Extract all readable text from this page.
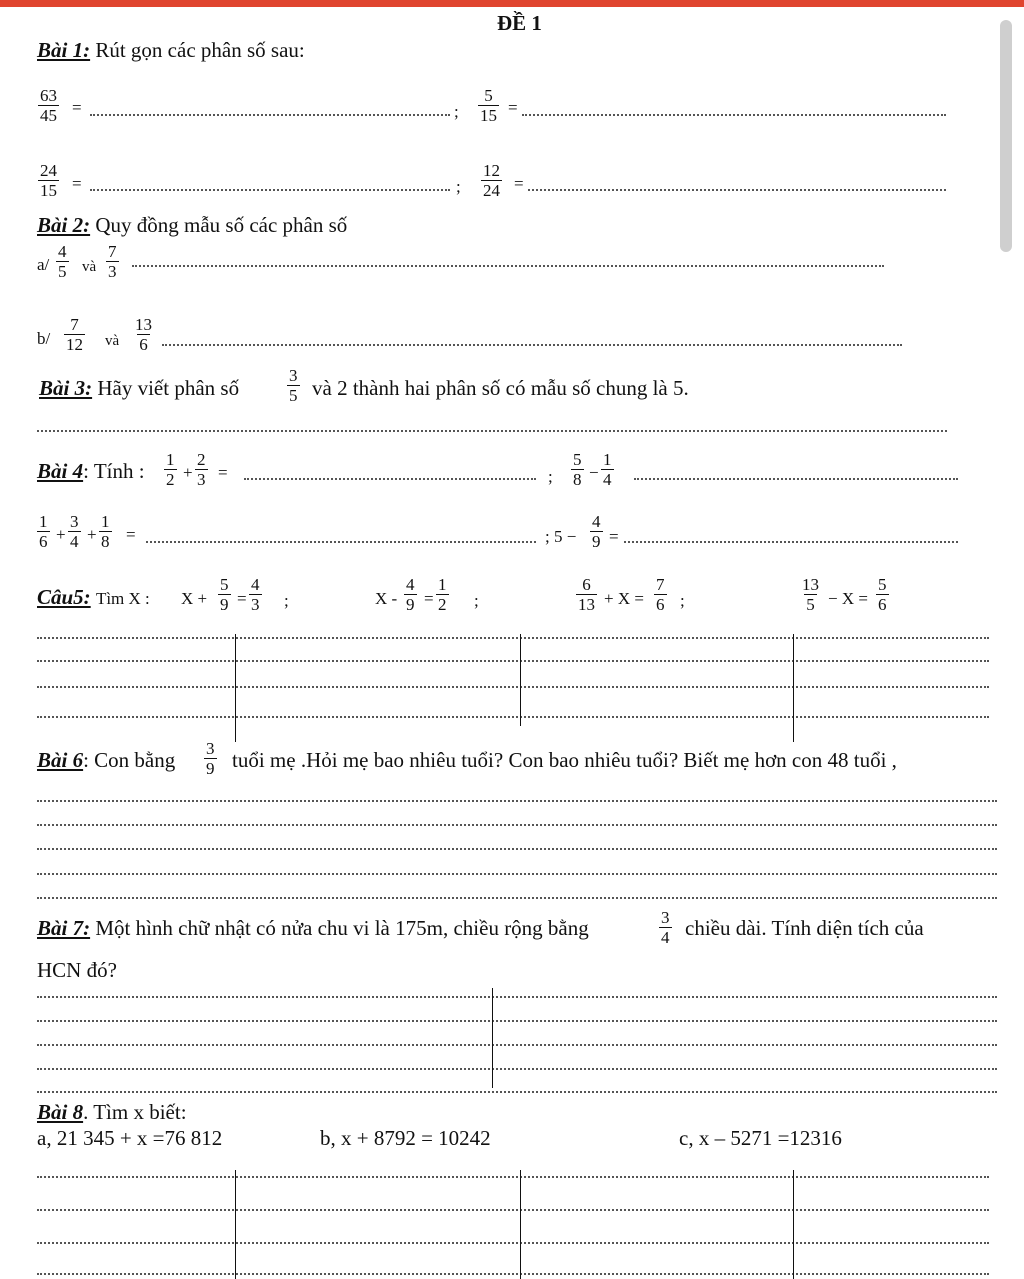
ĐỀ 1
Bài 1: Rút gọn các phân số sau:
63
45 =	;
5
15 =
24
15 =	;
12
24 =
Bài 2: Quy đồng mẫu số các phân số
a/
4
5 và
7
3
b/
7
12 và
13
6
Bài 3: Hãy viết phân số
3
5 và 2 thành hai phân số có mẫu số chung là 5.
Bài 4: Tính : 1
2 +
2
3 =	;
5
8 −
1
4
1
6 +
3
4 +
1
8 =	; 5 −
4
9 =
Câu5: Tìm X : X +
5
9 =
4
3 ;	X -
4
9 =
1
2 ;
6
13 + X =
7
6 ;
13
5 − X =
5
6
Bài 6: Con bằng 3
9 tuổi mẹ .Hỏi mẹ bao nhiêu tuổi? Con bao nhiêu tuổi? Biết mẹ hơn con 48 tuổi ,
Bài 7: Một hình chữ nhật có nửa chu vi là 175m, chiều rộng bằng	3
4 chiều dài. Tính diện tích của
HCN đó?
Bài 8. Tìm x biết:
a, 21 345 + x =76 812	b, x + 8792 = 10242	c, x – 5271 =12316
